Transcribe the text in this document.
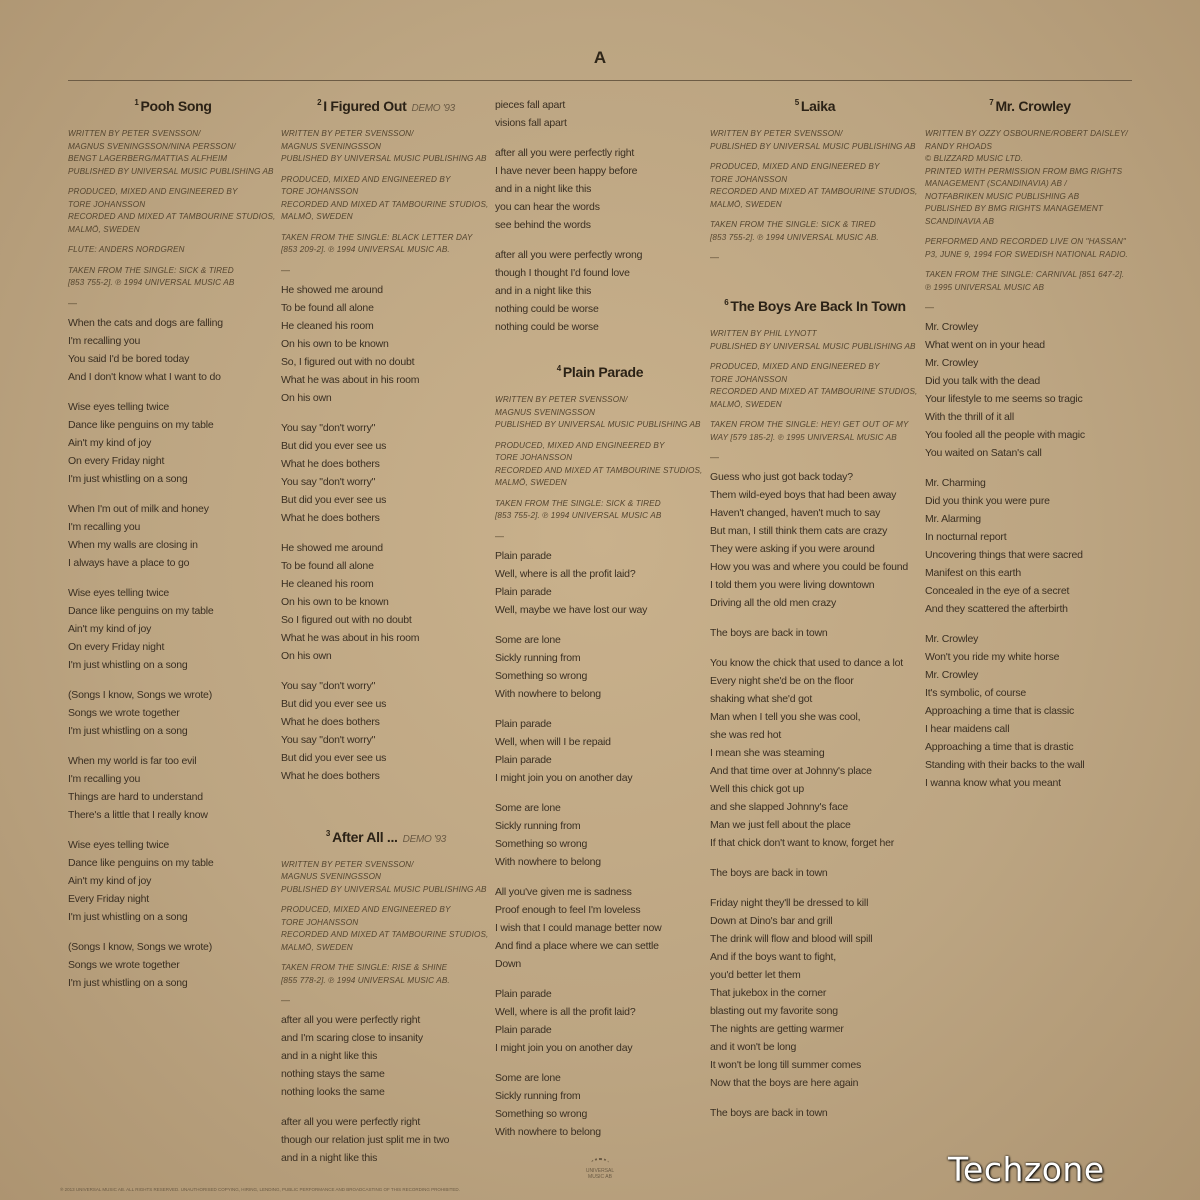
A
$^1$ Pooh Song
WRITTEN BY PETER SVENSSON/
MAGNUS SVENINGSSON/NINA PERSSON/
BENGT LAGERBERG/MATTIAS ALFHEIM
PUBLISHED BY UNIVERSAL MUSIC PUBLISHING AB
PRODUCED, MIXED AND ENGINEERED BY
TORE JOHANSSON
RECORDED AND MIXED AT TAMBOURINE STUDIOS,
MALMÖ, SWEDEN
FLUTE: ANDERS NORDGREN
TAKEN FROM THE SINGLE: SICK & TIRED
[853 755-2]. ℗ 1994 UNIVERSAL MUSIC AB
—
When the cats and dogs are falling
I'm recalling you
You said I'd be bored today
And I don't know what I want to do
Wise eyes telling twice
Dance like penguins on my table
Ain't my kind of joy
On every Friday night
I'm just whistling on a song
When I'm out of milk and honey
I'm recalling you
When my walls are closing in
I always have a place to go
Wise eyes telling twice
Dance like penguins on my table
Ain't my kind of joy
On every Friday night
I'm just whistling on a song
(Songs I know, Songs we wrote)
Songs we wrote together
I'm just whistling on a song
When my world is far too evil
I'm recalling you
Things are hard to understand
There's a little that I really know
Wise eyes telling twice
Dance like penguins on my table
Ain't my kind of joy
Every Friday night
I'm just whistling on a song
(Songs I know, Songs we wrote)
Songs we wrote together
I'm just whistling on a song
$^2$ I Figured Out DEMO '93
WRITTEN BY PETER SVENSSON/
MAGNUS SVENINGSSON
PUBLISHED BY UNIVERSAL MUSIC PUBLISHING AB
PRODUCED, MIXED AND ENGINEERED BY
TORE JOHANSSON
RECORDED AND MIXED AT TAMBOURINE STUDIOS,
MALMÖ, SWEDEN
TAKEN FROM THE SINGLE: BLACK LETTER DAY
[853 209-2]. ℗ 1994 UNIVERSAL MUSIC AB.
—
He showed me around
To be found all alone
He cleaned his room
On his own to be known
So, I figured out with no doubt
What he was about in his room
On his own
You say "don't worry"
But did you ever see us
What he does bothers
You say "don't worry"
But did you ever see us
What he does bothers
He showed me around
To be found all alone
He cleaned his room
On his own to be known
So I figured out with no doubt
What he was about in his room
On his own
You say "don't worry"
But did you ever see us
What he does bothers
You say "don't worry"
But did you ever see us
What he does bothers
$^3$ After All ... DEMO '93
WRITTEN BY PETER SVENSSON/
MAGNUS SVENINGSSON
PUBLISHED BY UNIVERSAL MUSIC PUBLISHING AB
PRODUCED, MIXED AND ENGINEERED BY
TORE JOHANSSON
RECORDED AND MIXED AT TAMBOURINE STUDIOS,
MALMÖ, SWEDEN
TAKEN FROM THE SINGLE: RISE & SHINE
[855 778-2]. ℗ 1994 UNIVERSAL MUSIC AB.
—
after all you were perfectly right
and I'm scaring close to insanity
and in a night like this
nothing stays the same
nothing looks the same
after all you were perfectly right
though our relation just split me in two
and in a night like this
pieces fall apart
visions fall apart
after all you were perfectly right
I have never been happy before
and in a night like this
you can hear the words
see behind the words
after all you were perfectly wrong
though I thought I'd found love
and in a night like this
nothing could be worse
nothing could be worse
$^4$ Plain Parade
WRITTEN BY PETER SVENSSON/
MAGNUS SVENINGSSON
PUBLISHED BY UNIVERSAL MUSIC PUBLISHING AB
PRODUCED, MIXED AND ENGINEERED BY
TORE JOHANSSON
RECORDED AND MIXED AT TAMBOURINE STUDIOS,
MALMÖ, SWEDEN
TAKEN FROM THE SINGLE: SICK & TIRED
[853 755-2]. ℗ 1994 UNIVERSAL MUSIC AB
—
Plain parade
Well, where is all the profit laid?
Plain parade
Well, maybe we have lost our way
Some are lone
Sickly running from
Something so wrong
With nowhere to belong
Plain parade
Well, when will I be repaid
Plain parade
I might join you on another day
Some are lone
Sickly running from
Something so wrong
With nowhere to belong
All you've given me is sadness
Proof enough to feel I'm loveless
I wish that I could manage better now
And find a place where we can settle
Down
Plain parade
Well, where is all the profit laid?
Plain parade
I might join you on another day
Some are lone
Sickly running from
Something so wrong
With nowhere to belong
$^5$ Laika
WRITTEN BY PETER SVENSSON/
PUBLISHED BY UNIVERSAL MUSIC PUBLISHING AB
PRODUCED, MIXED AND ENGINEERED BY
TORE JOHANSSON
RECORDED AND MIXED AT TAMBOURINE STUDIOS,
MALMÖ, SWEDEN
TAKEN FROM THE SINGLE: SICK & TIRED
[853 755-2]. ℗ 1994 UNIVERSAL MUSIC AB.
—
$^6$ The Boys Are Back In Town
WRITTEN BY PHIL LYNOTT
PUBLISHED BY UNIVERSAL MUSIC PUBLISHING AB
PRODUCED, MIXED AND ENGINEERED BY
TORE JOHANSSON
RECORDED AND MIXED AT TAMBOURINE STUDIOS,
MALMÖ, SWEDEN
TAKEN FROM THE SINGLE: HEY! GET OUT OF MY
WAY [579 185-2]. ℗ 1995 UNIVERSAL MUSIC AB
—
Guess who just got back today?
Them wild-eyed boys that had been away
Haven't changed, haven't much to say
But man, I still think them cats are crazy
They were asking if you were around
How you was and where you could be found
I told them you were living downtown
Driving all the old men crazy
The boys are back in town
You know the chick that used to dance a lot
Every night she'd be on the floor
shaking what she'd got
Man when I tell you she was cool,
she was red hot
I mean she was steaming
And that time over at Johnny's place
Well this chick got up
and she slapped Johnny's face
Man we just fell about the place
If that chick don't want to know, forget her
The boys are back in town
Friday night they'll be dressed to kill
Down at Dino's bar and grill
The drink will flow and blood will spill
And if the boys want to fight,
you'd better let them
That jukebox in the corner
blasting out my favorite song
The nights are getting warmer
and it won't be long
It won't be long till summer comes
Now that the boys are here again
The boys are back in town
$^7$ Mr. Crowley
WRITTEN BY OZZY OSBOURNE/ROBERT DAISLEY/
RANDY RHOADS
© BLIZZARD MUSIC LTD.
PRINTED WITH PERMISSION FROM BMG RIGHTS
MANAGEMENT (SCANDINAVIA) AB /
NOTFABRIKEN MUSIC PUBLISHING AB
PUBLISHED BY BMG RIGHTS MANAGEMENT
SCANDINAVIA AB
PERFORMED AND RECORDED LIVE ON "HASSAN"
P3, JUNE 9, 1994 FOR SWEDISH NATIONAL RADIO.
TAKEN FROM THE SINGLE: CARNIVAL [851 647-2].
℗ 1995 UNIVERSAL MUSIC AB
—
Mr. Crowley
What went on in your head
Mr. Crowley
Did you talk with the dead
Your lifestyle to me seems so tragic
With the thrill of it all
You fooled all the people with magic
You waited on Satan's call
Mr. Charming
Did you think you were pure
Mr. Alarming
In nocturnal report
Uncovering things that were sacred
Manifest on this earth
Concealed in the eye of a secret
And they scattered the afterbirth
Mr. Crowley
Won't you ride my white horse
Mr. Crowley
It's symbolic, of course
Approaching a time that is classic
I hear maidens call
Approaching a time that is drastic
Standing with their backs to the wall
I wanna know what you meant
UNIVERSAL MUSIC AB
℗ 2013 UNIVERSAL MUSIC AB. ALL RIGHTS RESERVED. UNAUTHORISED COPYING, HIRING, LENDING, PUBLIC PERFORMANCE AND BROADCASTING OF THIS RECORDING PROHIBITED.
Techzone
